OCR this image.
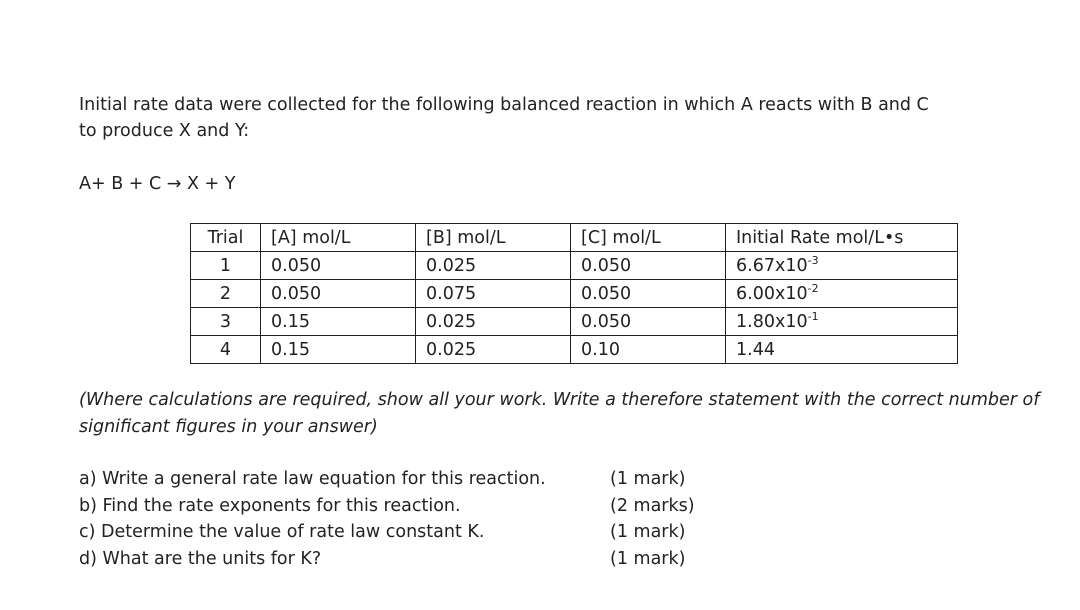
Initial rate data were collected for the following balanced reaction in which A reacts with B and C
to produce X and Y:

A+ B + C → X + Y

Trial	[A] mol/L	[B] mol/L	[C] mol/L	Initial Rate mol/L•s
1	0.050	0.025	0.050	$6.67x10^{-3}$
2	0.050	0.075	0.050	$6.00x10^{-2}$
3	0.15	0.025	0.050	$1.80x10^{-1}$
4	0.15	0.025	0.10	1.44

(Where calculations are required, show all your work. Write a therefore statement with the correct number of
significant figures in your answer)

a) Write a general rate law equation for this reaction.	(1 mark)
b) Find the rate exponents for this reaction.	(2 marks)
c) Determine the value of rate law constant K.	(1 mark)
d) What are the units for K?	(1 mark)
